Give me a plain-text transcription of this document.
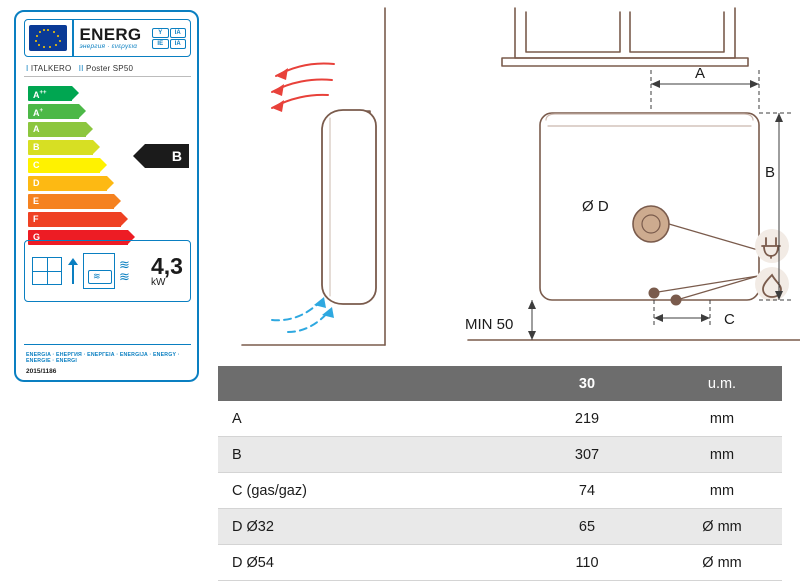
ENERG
энергия · ενεργεια
Y	IA
IE	IA
I ITALKERO II Poster SP50
A++
A+
A
B
C
D
E
F
G
B
≋
≋
≋ 4,3
kW
ENERGIA · ЕНЕРГИЯ · ΕΝΕΡΓΕΙΑ · ENERGIJA · ENERGY · ENERGIE · ENERGI
2015/1186
A
B
C
Ø D
MIN 50
	30	u.m.
A	219	mm
B	307	mm
C (gas/gaz)	74	mm
D Ø32	65	Ø mm
D Ø54	110	Ø mm
